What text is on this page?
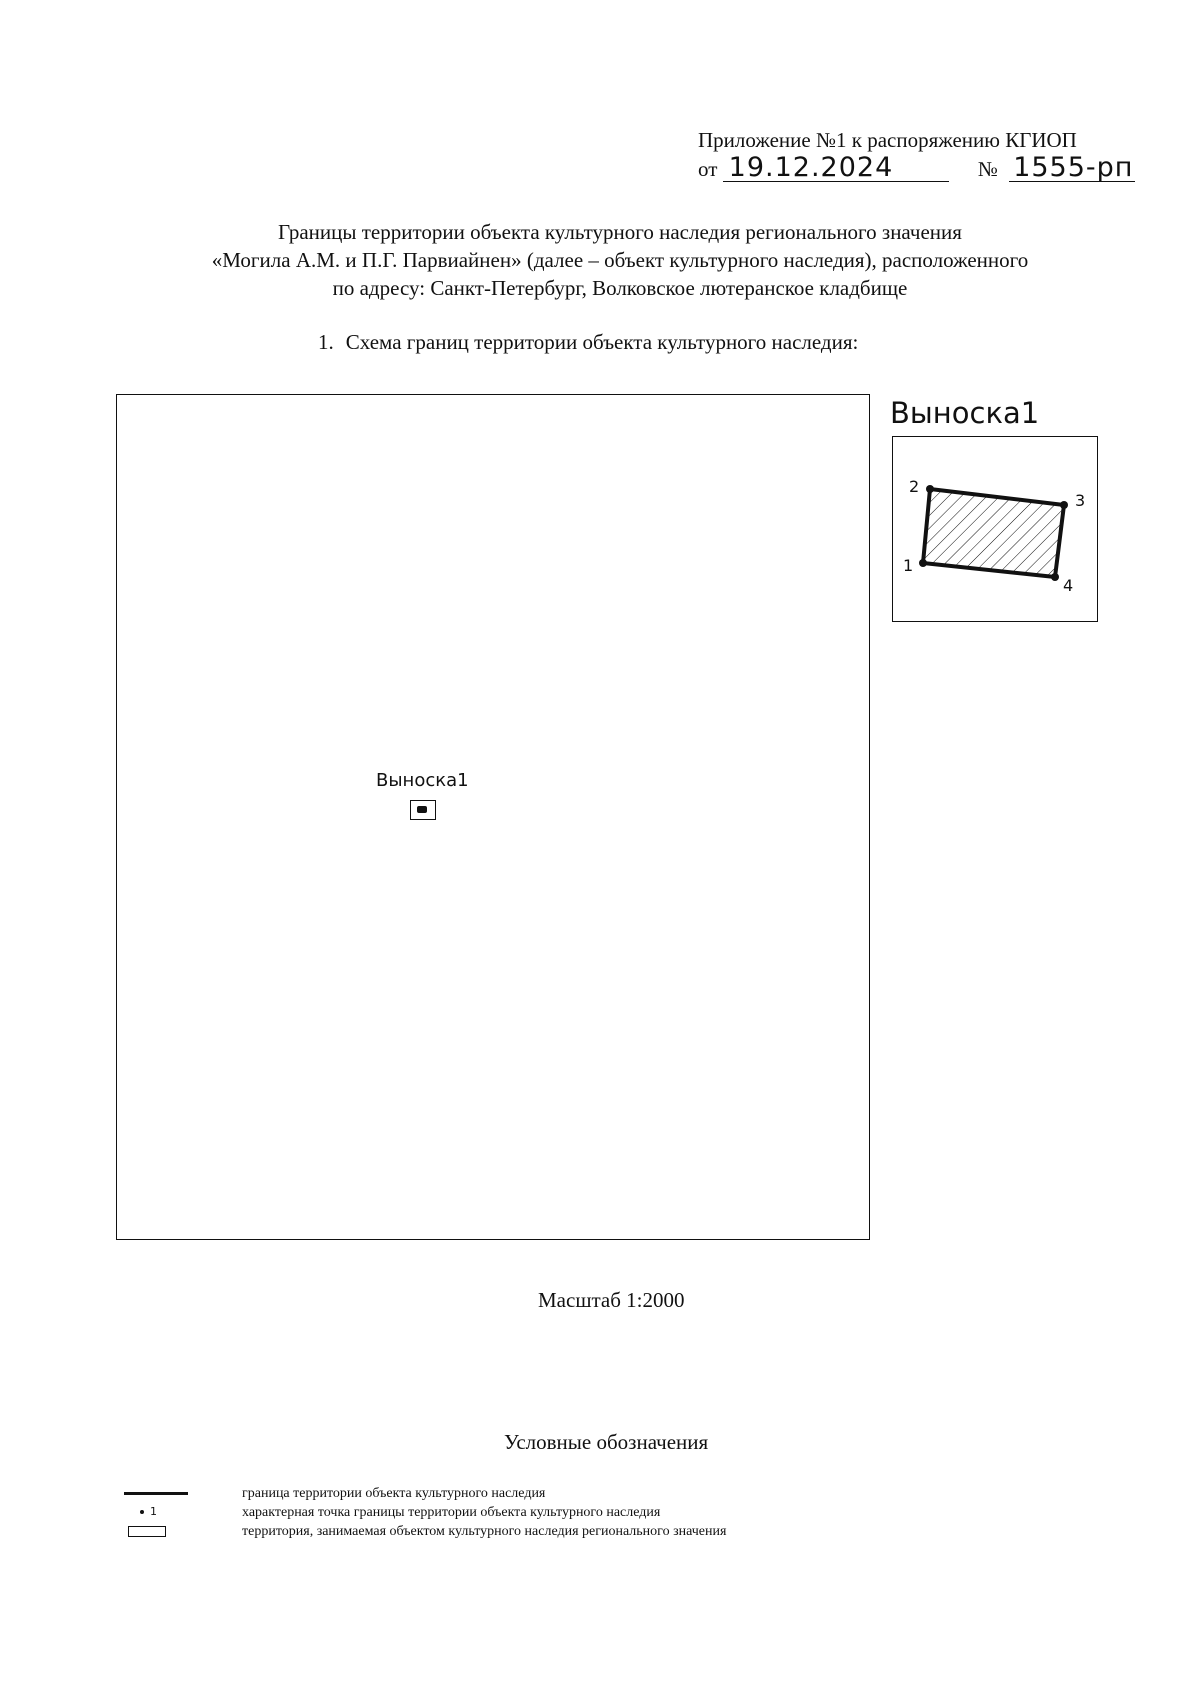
Приложение №1 к распоряжению КГИОП
от 19.12.2024	№ 1555-рп
Границы территории объекта культурного наследия регионального значения
«Могила А.М. и П.Г. Парвиайнен» (далее – объект культурного наследия), расположенного
по адресу: Санкт-Петербург, Волковское лютеранское кладбище
1. Схема границ территории объекта культурного наследия:
Выноска1
Выноска1
1
2
3
4
Масштаб 1:2000
Условные обозначения
граница территории объекта культурного наследия
1	характерная точка границы территории объекта культурного наследия
территория, занимаемая объектом культурного наследия регионального значения
